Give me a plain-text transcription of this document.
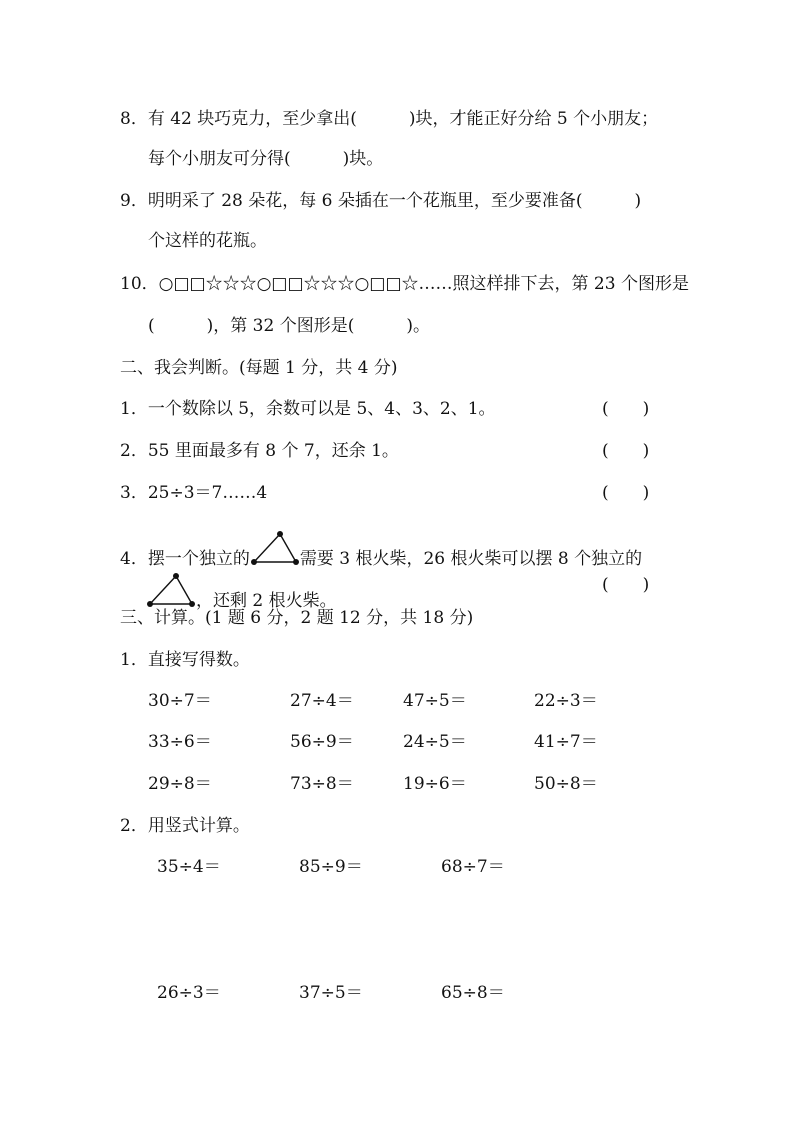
8．有 42 块巧克力，至少拿出(	)块，才能正好分给 5 个小朋友；
每个小朋友可分得(	)块。
9．明明采了 28 朵花，每 6 朵插在一个花瓶里，至少要准备(	)
个这样的花瓶。
10．○□□☆☆☆○□□☆☆☆○□□☆……照这样排下去，第 23 个图形是
(	)，第 32 个图形是(	)。
二、我会判断。(每题 1 分，共 4 分)
1．一个数除以 5，余数可以是 5、4、3、2、1。	(　　)
2．55 里面最多有 8 个 7，还余 1。	(　　)
3．25÷3＝7……4	(　　)
4．摆一个独立的	需要 3 根火柴，26 根火柴可以摆 8 个独立的
，还剩 2 根火柴。
(　　)
三、计算。(1 题 6 分，2 题 12 分，共 18 分)
1．直接写得数。
30÷7＝	27÷4＝	47÷5＝	22÷3＝
33÷6＝	56÷9＝	24÷5＝	41÷7＝
29÷8＝	73÷8＝	19÷6＝	50÷8＝
2．用竖式计算。
35÷4＝	85÷9＝	68÷7＝
26÷3＝	37÷5＝	65÷8＝
